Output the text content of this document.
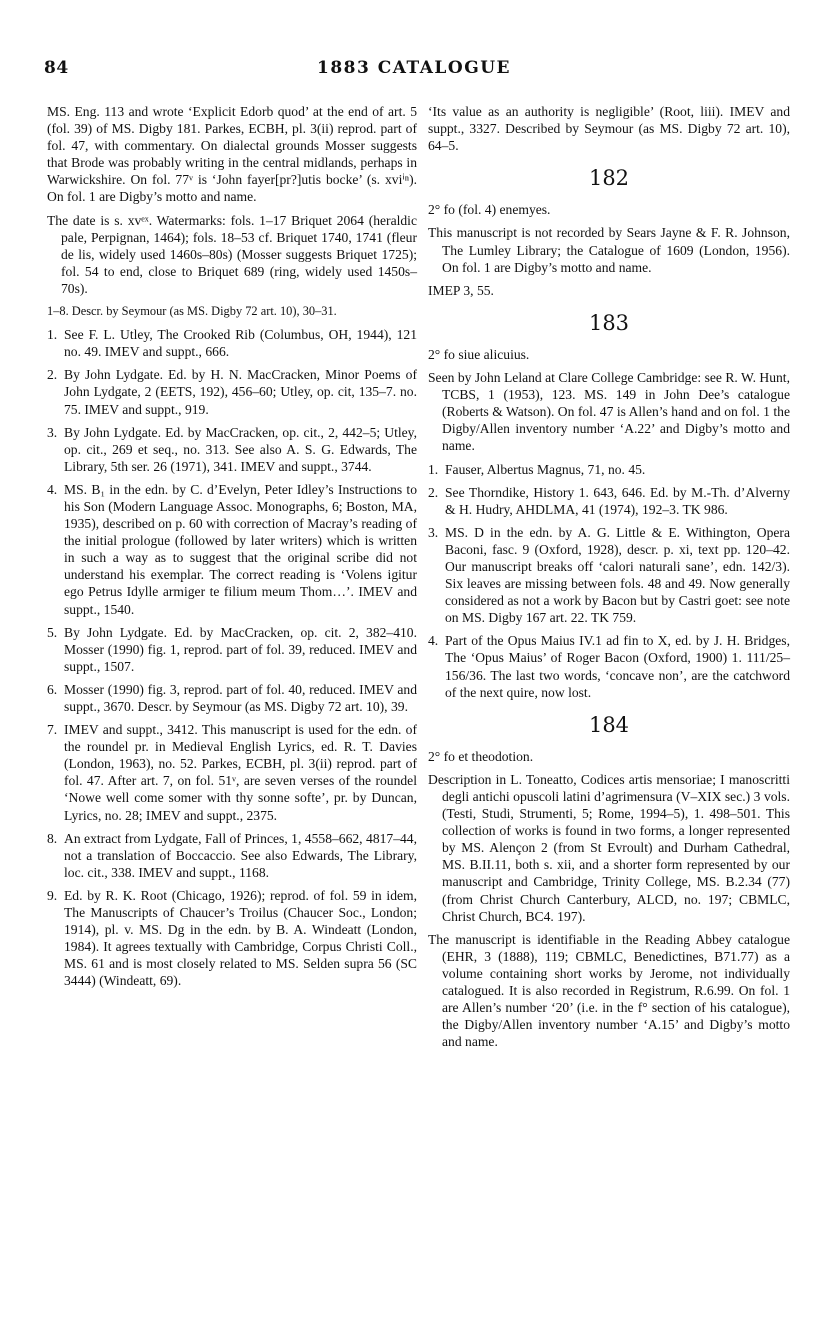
84	1883 CATALOGUE

MS. Eng. 113 and wrote ‘Explicit Edorb quod’ at the end of art. 5 (fol. 39) of MS. Digby 181. Parkes, ECBH, pl. 3(ii) reprod. part of fol. 47, with commentary. On dialectal grounds Mosser suggests that Brode was probably writing in the central midlands, perhaps in Warwickshire. On fol. 77ᵛ is ‘John fayer[pr?]utis bocke’ (s. xviⁱⁿ). On fol. 1 are Digby’s motto and name.

The date is s. xvᵉˣ. Watermarks: fols. 1–17 Briquet 2064 (heraldic pale, Perpignan, 1464); fols. 18–53 cf. Briquet 1740, 1741 (fleur de lis, widely used 1460s–80s) (Mosser suggests Briquet 1725); fol. 54 to end, close to Briquet 689 (ring, widely used 1450s–70s).

1–8. Descr. by Seymour (as MS. Digby 72 art. 10), 30–31.

1. See F. L. Utley, The Crooked Rib (Columbus, OH, 1944), 121 no. 49. IMEV and suppt., 666.
2. By John Lydgate. Ed. by H. N. MacCracken, Minor Poems of John Lydgate, 2 (EETS, 192), 456–60; Utley, op. cit, 135–7. no. 75. IMEV and suppt., 919.
3. By John Lydgate. Ed. by MacCracken, op. cit., 2, 442–5; Utley, op. cit., 269 et seq., no. 313. See also A. S. G. Edwards, The Library, 5th ser. 26 (1971), 341. IMEV and suppt., 3744.
4. MS. B₁ in the edn. by C. d’Evelyn, Peter Idley’s Instructions to his Son (Modern Language Assoc. Monographs, 6; Boston, MA, 1935), described on p. 60 with correction of Macray’s reading of the initial prologue (followed by later writers) which is written in such a way as to suggest that the original scribe did not understand his exemplar. The correct reading is ‘Volens igitur ego Petrus Idylle armiger te filium meum Thom…’. IMEV and suppt., 1540.
5. By John Lydgate. Ed. by MacCracken, op. cit. 2, 382–410. Mosser (1990) fig. 1, reprod. part of fol. 39, reduced. IMEV and suppt., 1507.
6. Mosser (1990) fig. 3, reprod. part of fol. 40, reduced. IMEV and suppt., 3670. Descr. by Seymour (as MS. Digby 72 art. 10), 39.
7. IMEV and suppt., 3412. This manuscript is used for the edn. of the roundel pr. in Medieval English Lyrics, ed. R. T. Davies (London, 1963), no. 52. Parkes, ECBH, pl. 3(ii) reprod. part of fol. 47. After art. 7, on fol. 51ᵛ, are seven verses of the roundel ‘Nowe well come somer with thy sonne softe’, pr. by Duncan, Lyrics, no. 28; IMEV and suppt., 2375.
8. An extract from Lydgate, Fall of Princes, 1, 4558–662, 4817–44, not a translation of Boccaccio. See also Edwards, The Library, loc. cit., 338. IMEV and suppt., 1168.
9. Ed. by R. K. Root (Chicago, 1926); reprod. of fol. 59 in idem, The Manuscripts of Chaucer’s Troilus (Chaucer Soc., London; 1914), pl. v. MS. Dg in the edn. by B. A. Windeatt (London, 1984). It agrees textually with Cambridge, Corpus Christi Coll., MS. 61 and is most closely related to MS. Selden supra 56 (SC 3444) (Windeatt, 69).

‘Its value as an authority is negligible’ (Root, liii). IMEV and suppt., 3327. Described by Seymour (as MS. Digby 72 art. 10), 64–5.

182

2° fo (fol. 4) enemyes.

This manuscript is not recorded by Sears Jayne & F. R. Johnson, The Lumley Library; the Catalogue of 1609 (London, 1956). On fol. 1 are Digby’s motto and name.

IMEP 3, 55.

183

2° fo siue alicuius.

Seen by John Leland at Clare College Cambridge: see R. W. Hunt, TCBS, 1 (1953), 123. MS. 149 in John Dee’s catalogue (Roberts & Watson). On fol. 47 is Allen’s hand and on fol. 1 the Digby/Allen inventory number ‘A.22’ and Digby’s motto and name.

1. Fauser, Albertus Magnus, 71, no. 45.
2. See Thorndike, History 1. 643, 646. Ed. by M.-Th. d’Alverny & H. Hudry, AHDLMA, 41 (1974), 192–3. TK 986.
3. MS. D in the edn. by A. G. Little & E. Withington, Opera Baconi, fasc. 9 (Oxford, 1928), descr. p. xi, text pp. 120–42. Our manuscript breaks off ‘calori naturali sane’, edn. 142/3). Six leaves are missing between fols. 48 and 49. Now generally considered as not a work by Bacon but by Castri goet: see note on MS. Digby 167 art. 22. TK 759.
4. Part of the Opus Maius IV.1 ad fin to X, ed. by J. H. Bridges, The ‘Opus Maius’ of Roger Bacon (Oxford, 1900) 1. 111/25–156/36. The last two words, ‘concave non’, are the catchword of the next quire, now lost.
184

2° fo et theodotion.

Description in L. Toneatto, Codices artis mensoriae; I manoscritti degli antichi opuscoli latini d’agrimensura (V–XIX sec.) 3 vols. (Testi, Studi, Strumenti, 5; Rome, 1994–5), 1. 498–501. This collection of works is found in two forms, a longer represented by MS. Alençon 2 (from St Evroult) and Durham Cathedral, MS. B.II.11, both s. xii, and a shorter form represented by our manuscript and Cambridge, Trinity College, MS. B.2.34 (77) (from Christ Church Canterbury, ALCD, no. 197; CBMLC, Christ Church, BC4. 197).

The manuscript is identifiable in the Reading Abbey catalogue (EHR, 3 (1888), 119; CBMLC, Benedictines, B71.77) as a volume containing short works by Jerome, not individually catalogued. It is also recorded in Registrum, R.6.99. On fol. 1 are Allen’s number ‘20’ (i.e. in the f° section of his catalogue), the Digby/Allen inventory number ‘A.15’ and Digby’s motto and name.
